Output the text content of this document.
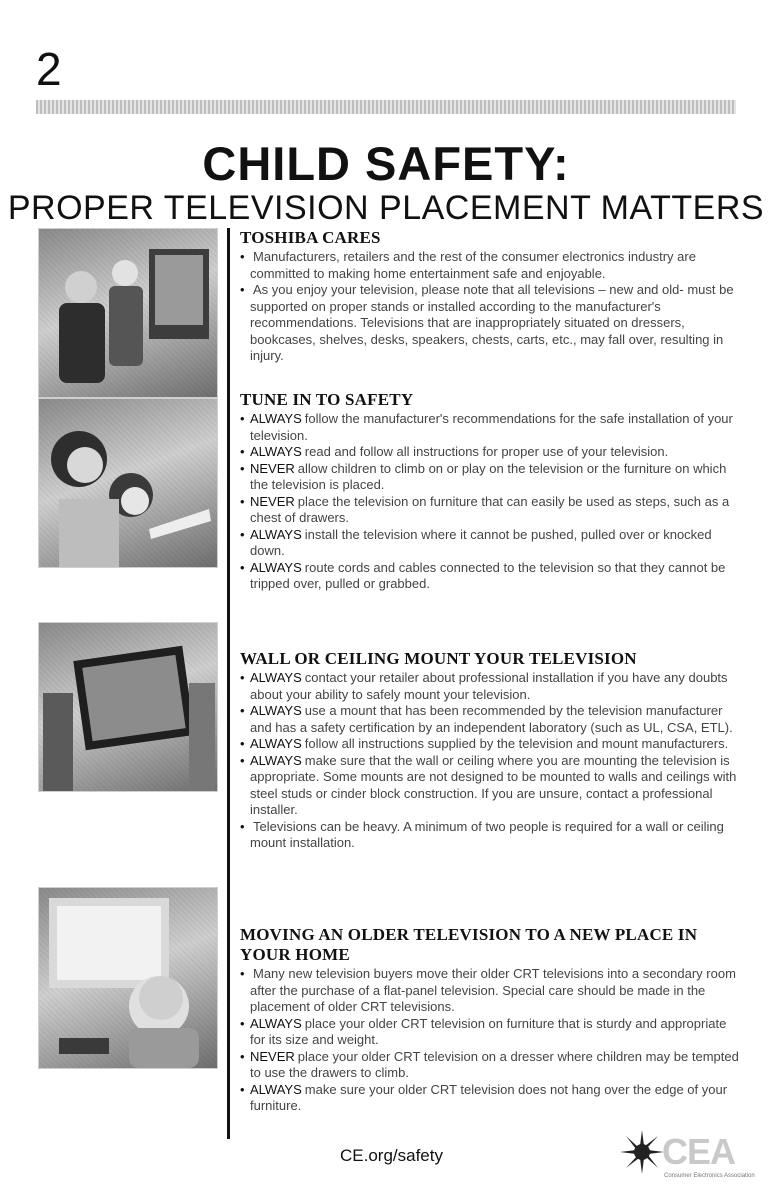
2
CHILD SAFETY:
PROPER TELEVISION PLACEMENT MATTERS
TOSHIBA CARES
• Manufacturers, retailers and the rest of the consumer electronics industry are committed to making home entertainment safe and enjoyable.
• As you enjoy your television, please note that all televisions – new and old- must be supported on proper stands or installed according to the manufacturer's recommendations. Televisions that are inappropriately situated on dressers, bookcases, shelves, desks, speakers, chests, carts, etc., may fall over, resulting in injury.
TUNE IN TO SAFETY
• ALWAYS follow the manufacturer's recommendations for the safe installation of your television.
• ALWAYS read and follow all instructions for proper use of your television.
• NEVER allow children to climb on or play on the television or the furniture on which the television is placed.
• NEVER place the television on furniture that can easily be used as steps, such as a chest of drawers.
• ALWAYS install the television where it cannot be pushed, pulled over or knocked down.
• ALWAYS route cords and cables connected to the television so that they cannot be tripped over, pulled or grabbed.
WALL OR CEILING MOUNT YOUR TELEVISION
• ALWAYS contact your retailer about professional installation if you have any doubts about your ability to safely mount your television.
• ALWAYS use a mount that has been recommended by the television manufacturer and has a safety certification by an independent laboratory (such as UL, CSA, ETL).
• ALWAYS follow all instructions supplied by the television and mount manufacturers.
• ALWAYS make sure that the wall or ceiling where you are mounting the television is appropriate. Some mounts are not designed to be mounted to walls and ceilings with steel studs or cinder block construction. If you are unsure, contact a professional installer.
• Televisions can be heavy. A minimum of two people is required for a wall or ceiling mount installation.
MOVING AN OLDER TELEVISION TO A NEW PLACE IN YOUR HOME
• Many new television buyers move their older CRT televisions into a secondary room after the purchase of a flat-panel television. Special care should be made in the placement of older CRT televisions.
• ALWAYS place your older CRT television on furniture that is sturdy and appropriate for its size and weight.
• NEVER place your older CRT television on a dresser where children may be tempted to use the drawers to climb.
• ALWAYS make sure your older CRT television does not hang over the edge of your furniture.
CE.org/safety	CEA
Consumer Electronics Association
